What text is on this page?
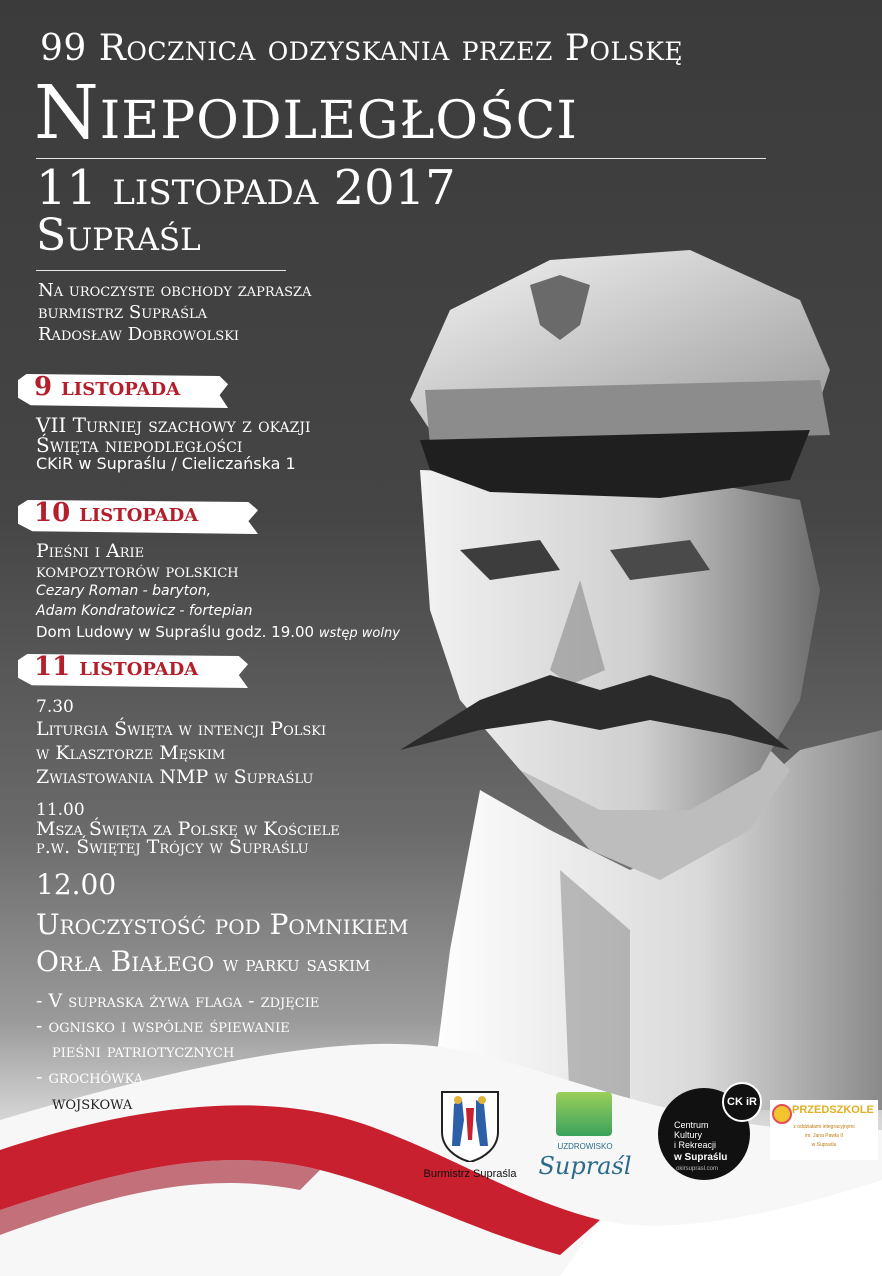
99 Rocznica odzyskania przez Polskę
Niepodległości
11 listopada 2017
Supraśl
Na uroczyste obchody zaprasza
burmistrz Supraśla
Radosław Dobrowolski
9 listopada
VII Turniej szachowy z okazji
Święta niepodległości
CKiR w Supraślu / Cieliczańska 1
10 listopada
Pieśni i Arie
kompozytorów polskich
Cezary Roman - baryton,
Adam Kondratowicz - fortepian
Dom Ludowy w Supraślu godz. 19.00 wstęp wolny
11 listopada
7.30
Liturgia Święta w intencji Polski
w Klasztorze Męskim
Zwiastowania NMP w Supraślu
11.00
Msza Święta za Polskę w Kościele
p.w. Świętej Trójcy w Supraślu
12.00
Uroczystość pod Pomnikiem
Orła Białego w parku saskim
- V supraska żywa flaga - zdjęcie
- ognisko i wspólne śpiewanie
pieśni patriotycznych
- grochówka
wojskowa
Burmistrz Supraśla
UZDROWISKO
Supraśl
CK iR
Centrum
Kultury
i Rekreacji
w Supraślu
okirsuprasl.com
PRZEDSZKOLE
z oddziałami integracyjnymi
im. Jana Pawła II
w Supraślu
